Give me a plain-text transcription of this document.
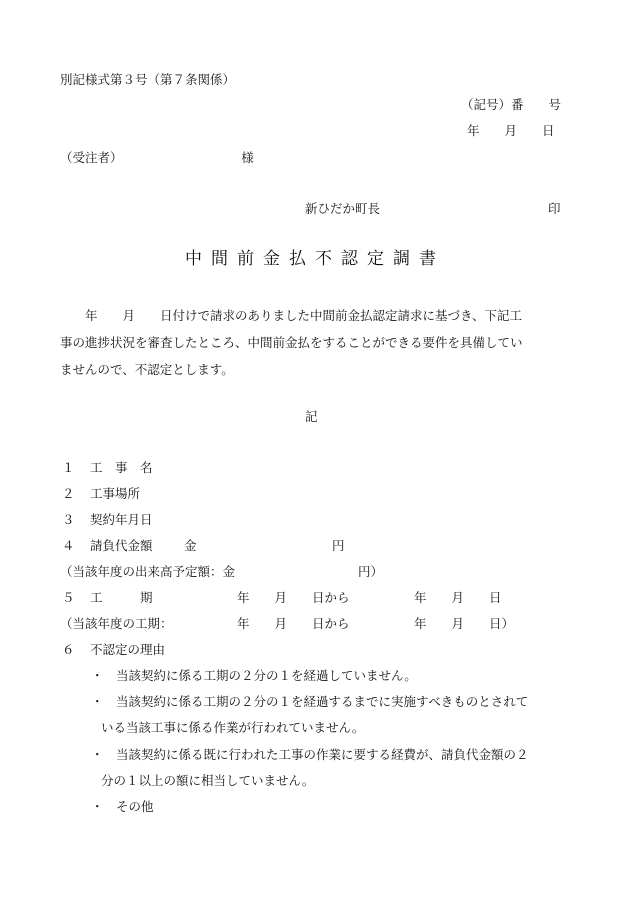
別記様式第３号（第７条関係）
（記号）番　　号
年　　月　　日
（受注者）　　　　　　　　　　様
新ひだか町長	印
中間前金払不認定調書

年　　月　　日付けで請求のありました中間前金払認定請求に基づき、下記工
事の進捗状況を審査したところ、中間前金払をすることができる要件を具備してい
ませんので、不認定とします。

記
１ 工　事　名
２ 工事場所
３ 契約年月日
４ 請負代金額	金	円
（当該年度の出来高予定額：金	円）
５ 工　　　期	年　　月　　日から	年　　月　　日
（当該年度の工期：	年　　月　　日から	年　　月　　日）
６ 不認定の理由
・ 当該契約に係る工期の２分の１を経過していません。
・ 当該契約に係る工期の２分の１を経過するまでに実施すべきものとされて
いる当該工事に係る作業が行われていません。
・ 当該契約に係る既に行われた工事の作業に要する経費が、請負代金額の２
分の１以上の額に相当していません。
・ その他
